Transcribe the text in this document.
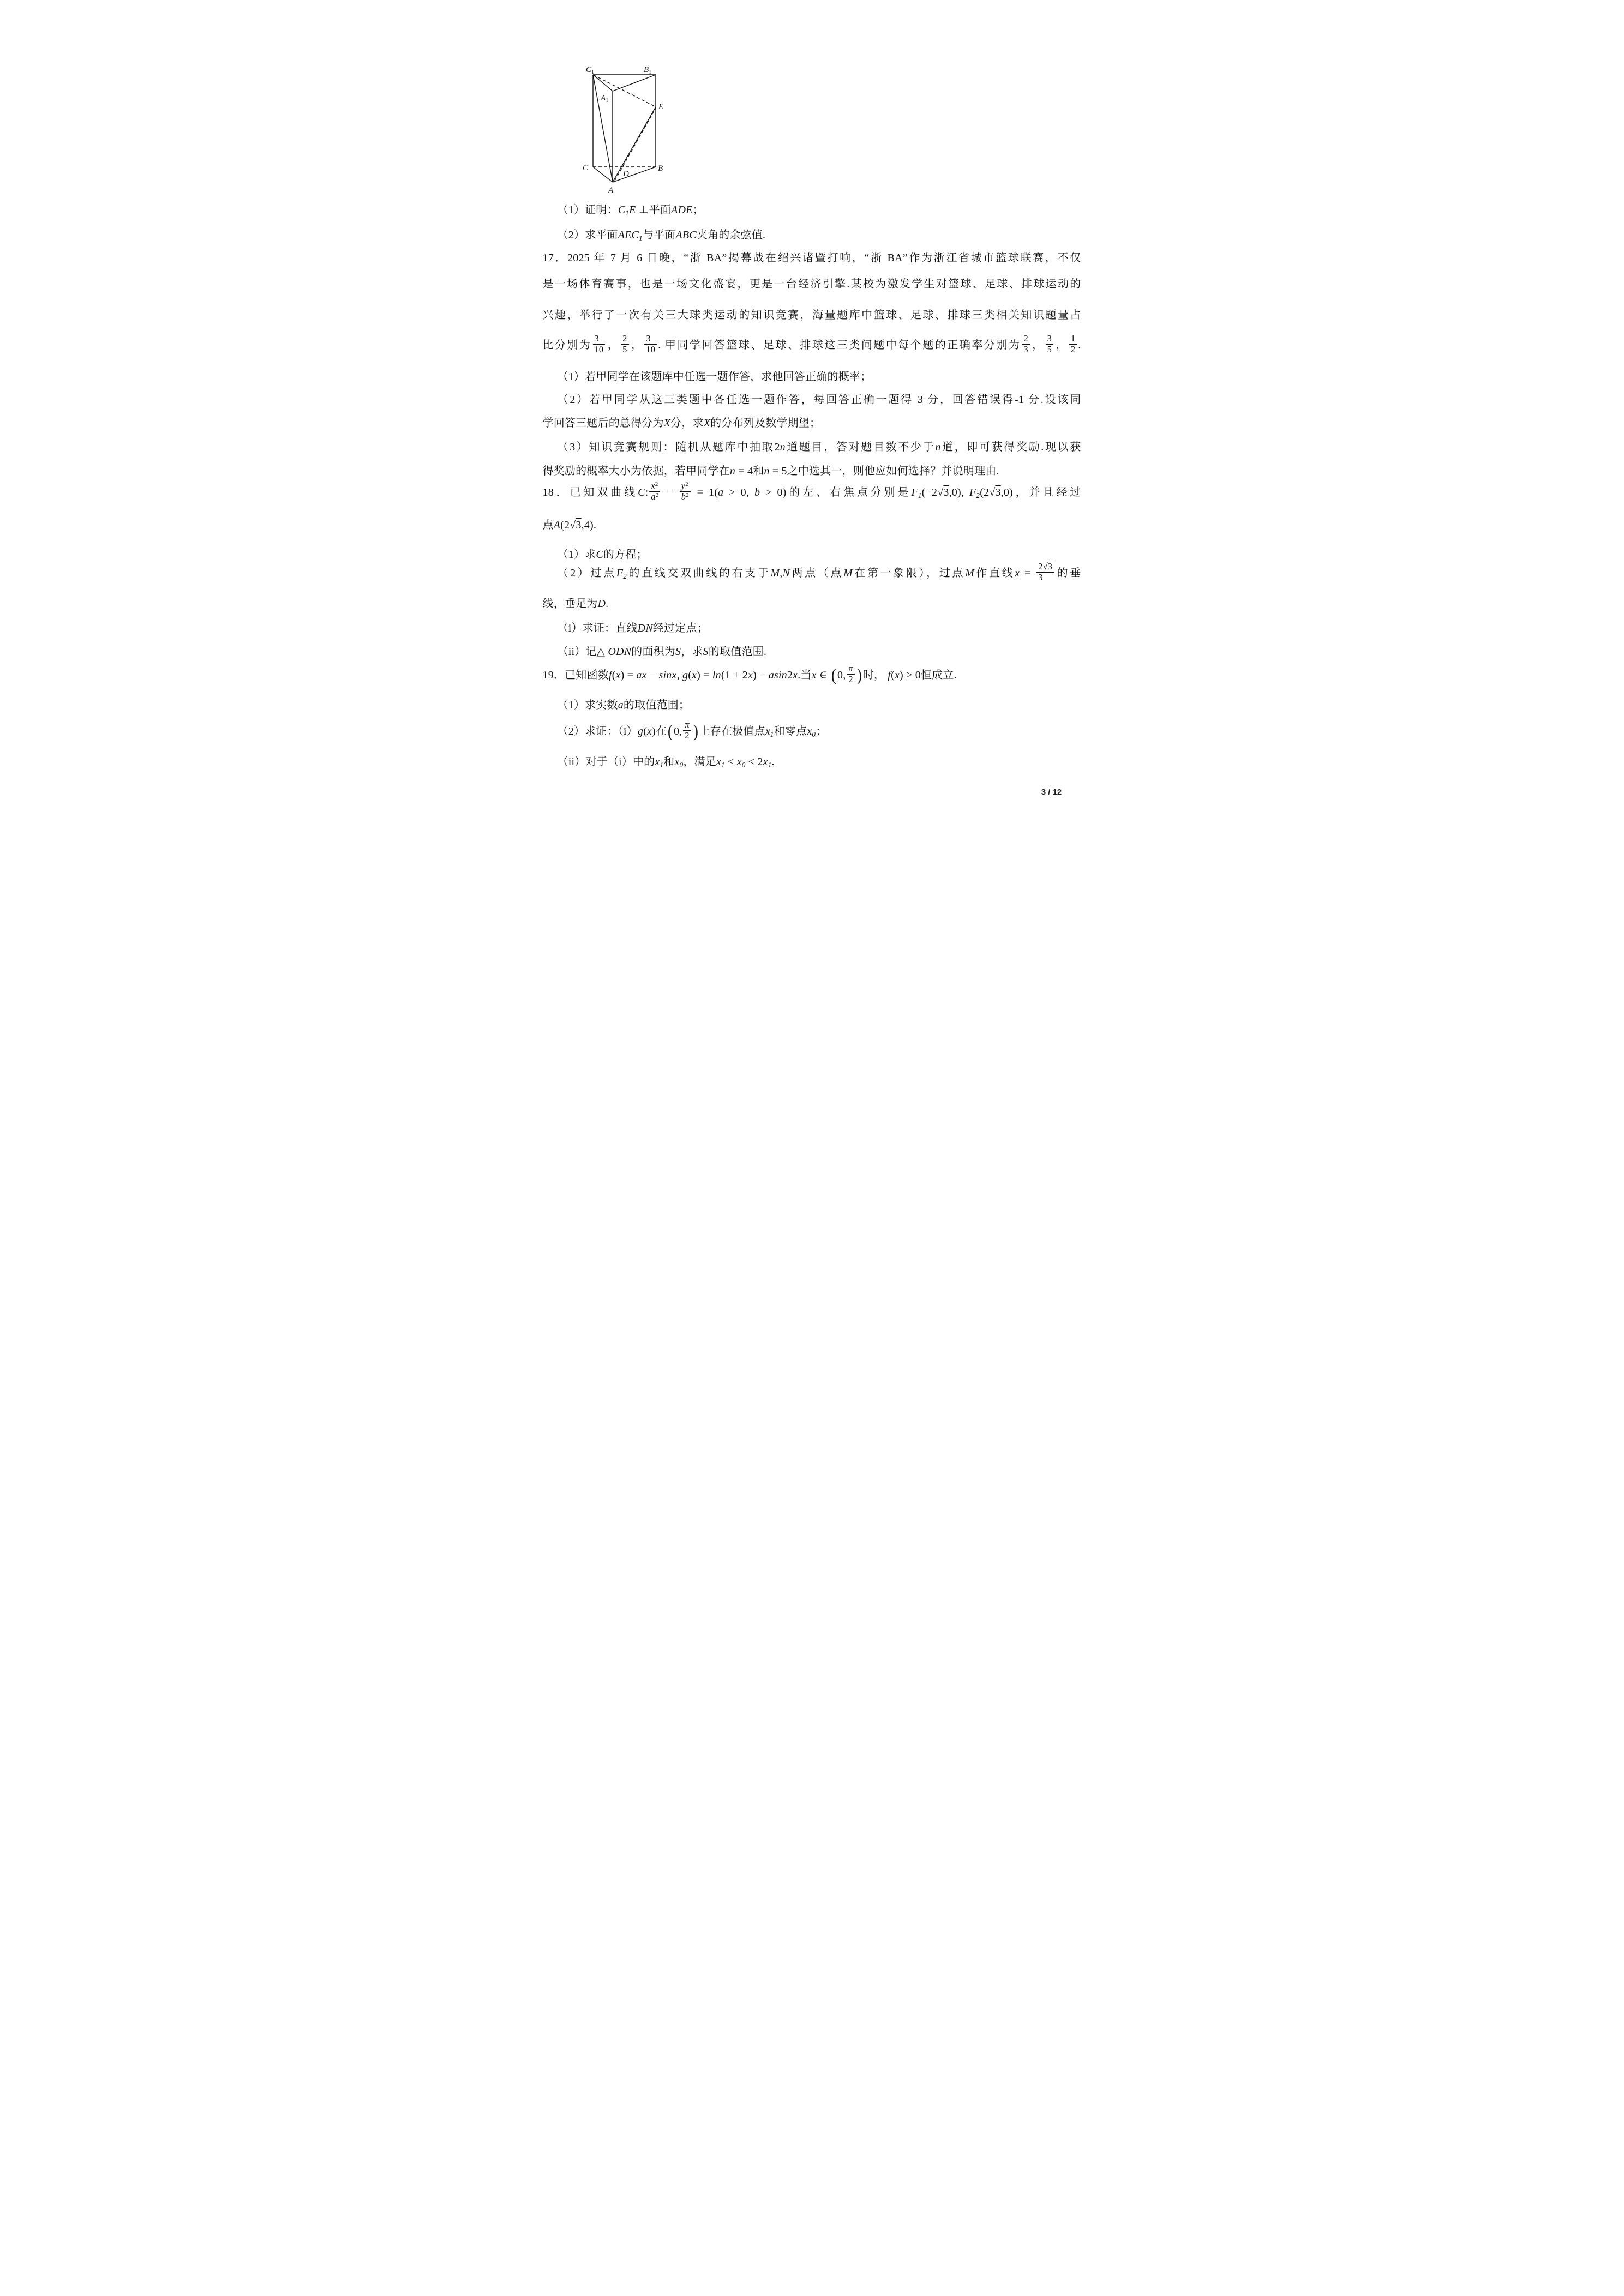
$C_1$	$B_1$
$A_1$
E
C
D
B
A
（1）证明：$C_1E$ ⊥平面ADE；
（2）求平面$AEC_1$与平面ABC夹角的余弦值.
17．2025 年 7 月 6 日晚，“浙 BA”揭幕战在绍兴诸暨打响，“浙 BA”作为浙江省城市篮球联赛，不仅
是一场体育赛事，也是一场文化盛宴，更是一台经济引擎.某校为激发学生对篮球、足球、排球运动的
兴趣，举行了一次有关三大球类运动的知识竞赛，海量题库中篮球、足球、排球三类相关知识题量占
比分别为 $\frac{3}{10}$ ， $\frac{2}{5}$ ， $\frac{3}{10}$ . 甲同学回答篮球、足球、排球这三类问题中每个题的正确率分别为 $\frac{2}{3}$ ， $\frac{3}{5}$ ， $\frac{1}{2}$ .
（1）若甲同学在该题库中任选一题作答，求他回答正确的概率；
（2）若甲同学从这三类题中各任选一题作答，每回答正确一题得 3 分，回答错误得-1 分.设该同
学回答三题后的总得分为X分，求X的分布列及数学期望；
（3）知识竞赛规则：随机从题库中抽取2n道题目，答对题目数不少于n道，即可获得奖励.现以获
得奖励的概率大小为依据，若甲同学在n = 4和n = 5之中选其一，则他应如何选择？并说明理由.
18．已知双曲线C: $\frac{x^2}{a^2} - \frac{y^2}{b^2} = 1(a > 0$, b > 0)的左、右焦点分别是$F_1(-2√3,0)$, $F_2(2√3,0)$，并且经过
点A(2√3,4).
（1）求C的方程；
（2）过点$F_2$的直线交双曲线的右支于M,N两点（点M在第一象限），过点M作直线$x = \frac{2√3}{3}$ 的垂
线，垂足为D.
（i）求证：直线DN经过定点；
（ii）记△ ODN的面积为S，求S的取值范围.
19．已知函数f(x) = ax − sinx, g(x) = ln(1 + 2x) − asin2x.当x ∈ (0, $\frac{\pi}{2}$ )时， f(x) > 0恒成立.
（1）求实数a的取值范围；
（2）求证：（i）g(x)在(0, $\frac{\pi}{2}$ )上存在极值点$x_1$和零点$x_0$；
（ii）对于（i）中的$x_1$和$x_0$，满足$x_1 < x_0 < 2x_1$.
3 / 12
